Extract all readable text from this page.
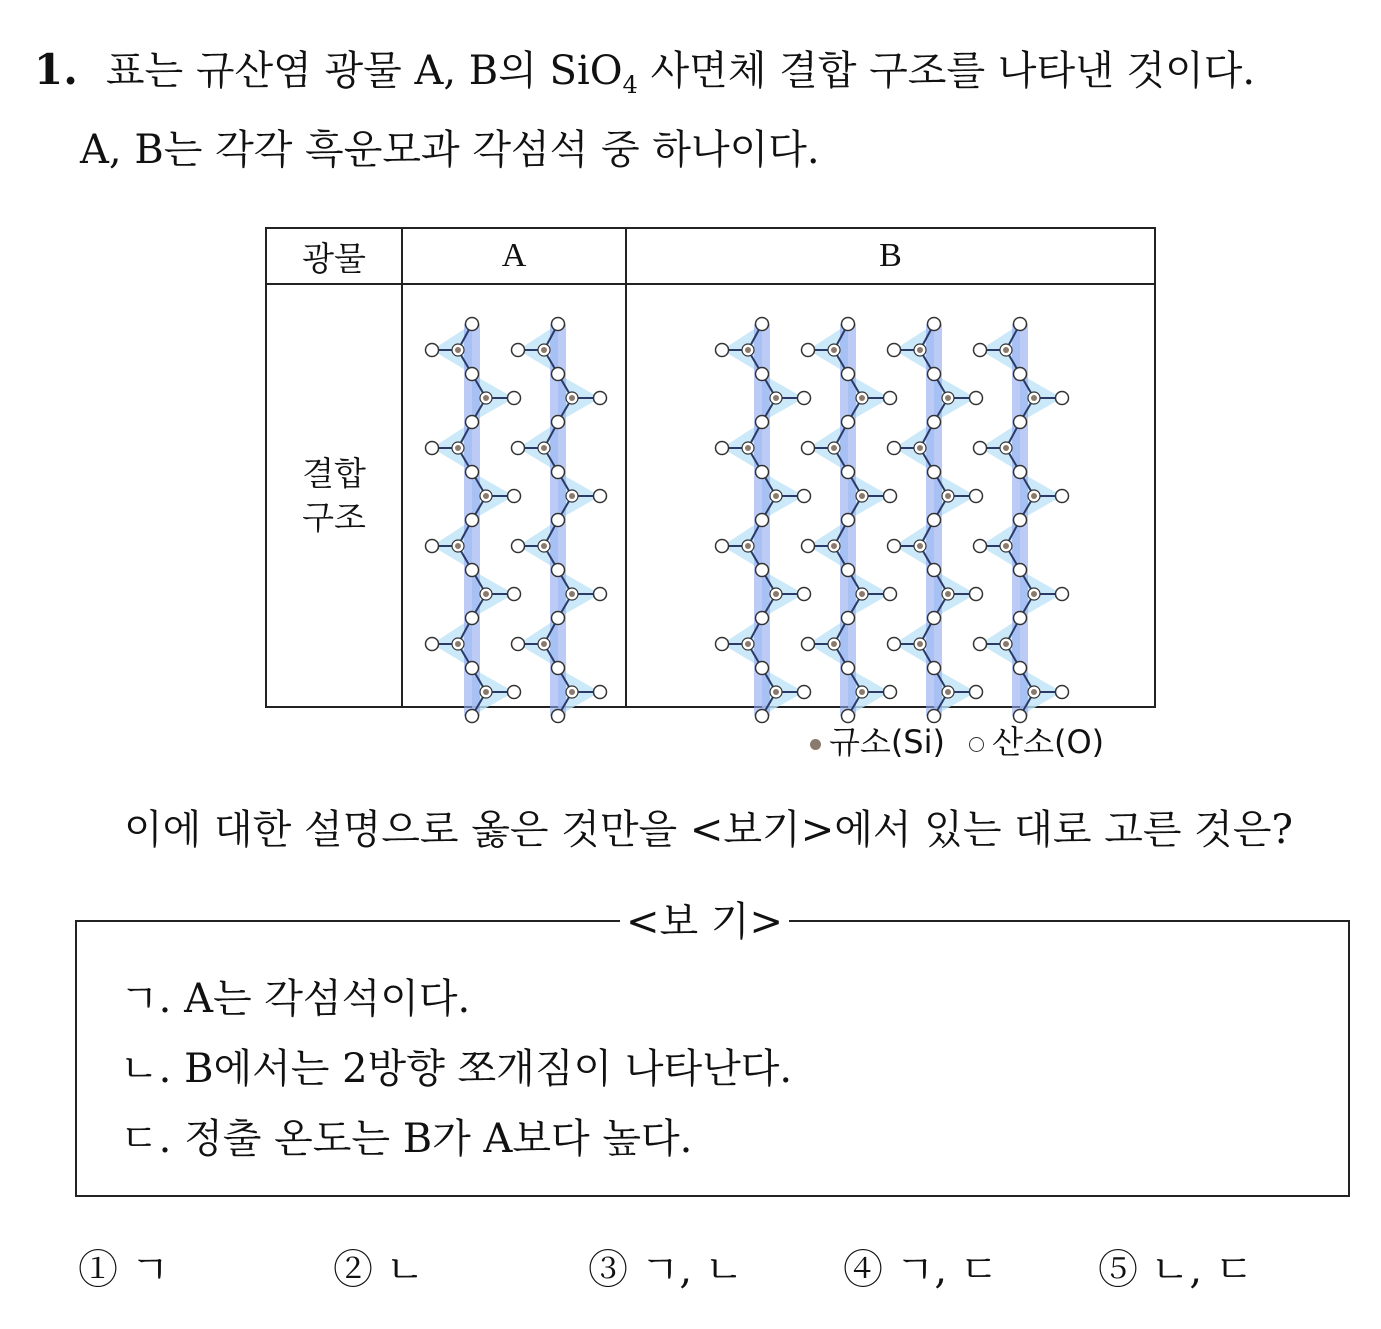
1. 표는 규산염 광물 A, B의 SiO$_4$ 사면체 결합 구조를 나타낸 것이다.
A, B는 각각 흑운모과 각섬석 중 하나이다.
광물	A	B
결합
구조
규소(Si) 산소(O)
이에 대한 설명으로 옳은 것만을 <보기>에서 있는 대로 고른 것은?
<보 기>
ㄱ. A는 각섬석이다.
ㄴ. B에서는 2방향 쪼개짐이 나타난다.
ㄷ. 정출 온도는 B가 A보다 높다.
① ㄱ	② ㄴ	③ ㄱ, ㄴ ④ ㄱ, ㄷ ⑤ ㄴ, ㄷ
